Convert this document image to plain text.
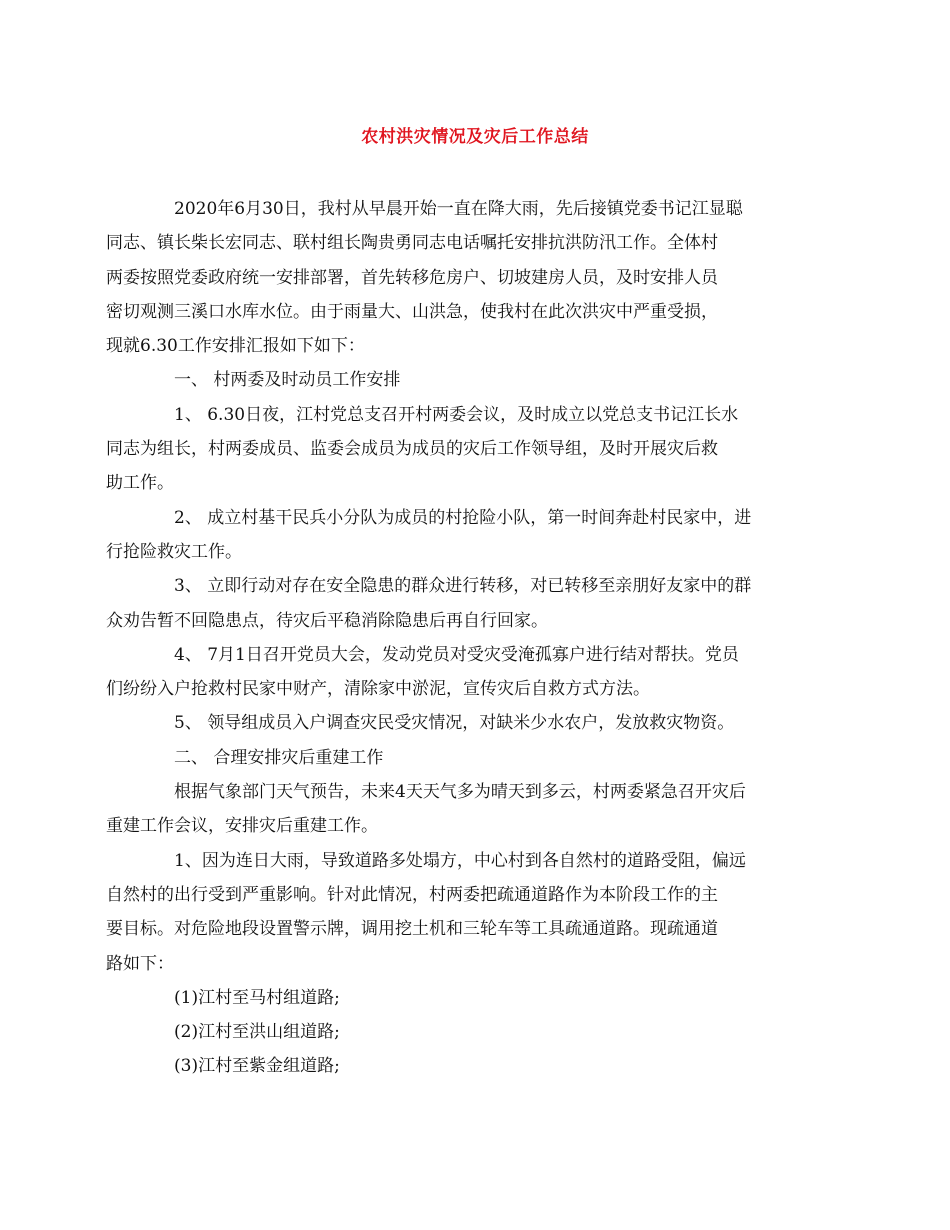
农村洪灾情况及灾后工作总结
2020年6月30日，我村从早晨开始一直在降大雨，先后接镇党委书记江显聪
同志、镇长柴长宏同志、联村组长陶贵勇同志电话嘱托安排抗洪防汛工作。全体村
两委按照党委政府统一安排部署，首先转移危房户、切坡建房人员，及时安排人员
密切观测三溪口水库水位。由于雨量大、山洪急，使我村在此次洪灾中严重受损，
现就6.30工作安排汇报如下如下：
一、 村两委及时动员工作安排
1、 6.30日夜，江村党总支召开村两委会议，及时成立以党总支书记江长水
同志为组长，村两委成员、监委会成员为成员的灾后工作领导组，及时开展灾后救
助工作。
2、 成立村基干民兵小分队为成员的村抢险小队，第一时间奔赴村民家中，进
行抢险救灾工作。
3、 立即行动对存在安全隐患的群众进行转移，对已转移至亲朋好友家中的群
众劝告暂不回隐患点，待灾后平稳消除隐患后再自行回家。
4、 7月1日召开党员大会，发动党员对受灾受淹孤寡户进行结对帮扶。党员
们纷纷入户抢救村民家中财产，清除家中淤泥，宣传灾后自救方式方法。
5、 领导组成员入户调查灾民受灾情况，对缺米少水农户，发放救灾物资。
二、 合理安排灾后重建工作
根据气象部门天气预告，未来4天天气多为晴天到多云，村两委紧急召开灾后
重建工作会议，安排灾后重建工作。
1、因为连日大雨，导致道路多处塌方，中心村到各自然村的道路受阻，偏远
自然村的出行受到严重影响。针对此情况，村两委把疏通道路作为本阶段工作的主
要目标。对危险地段设置警示牌，调用挖土机和三轮车等工具疏通道路。现疏通道
路如下：
(1)江村至马村组道路;
(2)江村至洪山组道路;
(3)江村至紫金组道路;
